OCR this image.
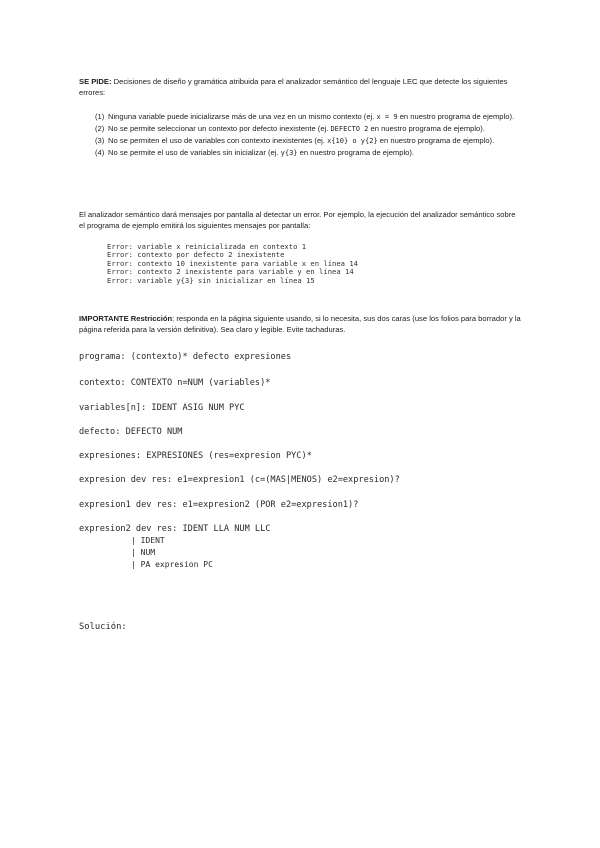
SE PIDE: Decisiones de diseño y gramática atribuida para el analizador semántico del lenguaje LEC que detecte los siguientes errores:
(1) Ninguna variable puede inicializarse más de una vez en un mismo contexto (ej. x = 9 en nuestro programa de ejemplo).
(2) No se permite seleccionar un contexto por defecto inexistente (ej. DEFECTO 2 en nuestro programa de ejemplo).
(3) No se permiten el uso de variables con contexto inexistentes (ej. x{10} o y{2} en nuestro programa de ejemplo).
(4) No se permite el uso de variables sin inicializar (ej. y{3} en nuestro programa de ejemplo).
El analizador semántico dará mensajes por pantalla al detectar un error. Por ejemplo, la ejecución del analizador semántico sobre el programa de ejemplo emitirá los siguientes mensajes por pantalla:
Error: variable x reinicializada en contexto 1
Error: contexto por defecto 2 inexistente
Error: contexto 10 inexistente para variable x en línea 14
Error: contexto 2 inexistente para variable y en línea 14
Error: variable y{3} sin inicializar en línea 15
IMPORTANTE Restricción: responda en la página siguiente usando, si lo necesita, sus dos caras (use los folios para borrador y la página referida para la versión definitiva). Sea claro y legible. Evite tachaduras.
programa: (contexto)* defecto expresiones
contexto: CONTEXTO n=NUM (variables)*
variables[n]: IDENT ASIG NUM PYC
defecto: DEFECTO NUM
expresiones: EXPRESIONES (res=expresion PYC)*
expresion dev res: e1=expresion1 (c=(MAS|MENOS) e2=expresion)?
expresion1 dev res: e1=expresion2 (POR e2=expresion1)?
expresion2 dev res: IDENT LLA NUM LLC
| IDENT
| NUM
| PA expresion PC
Solución:
